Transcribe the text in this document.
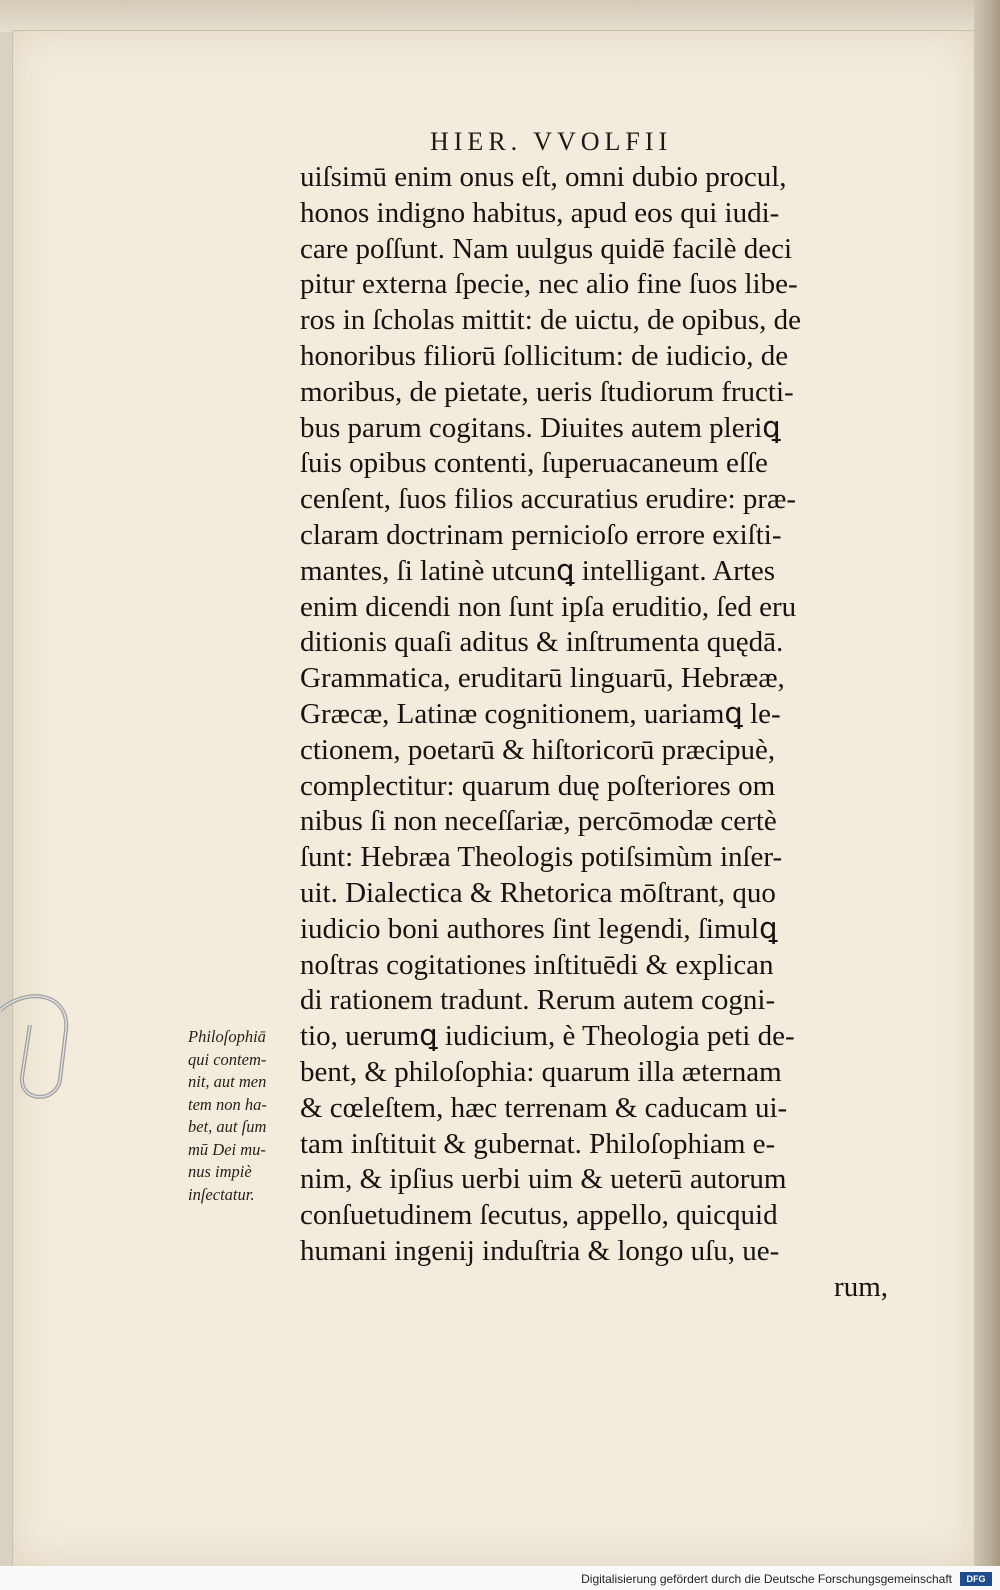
HIER. VVOLFII
uiſsimū enim onus eſt, omni dubio procul,
honos indigno habitus, apud eos qui iudi-
care poſſunt. Nam uulgus quidē facilè deci
pitur externa ſpecie, nec alio fine ſuos libe-
ros in ſcholas mittit: de uictu, de opibus, de
honoribus filiorū ſollicitum: de iudicio, de
moribus, de pietate, ueris ſtudiorum fructi-
bus parum cogitans. Diuites autem pleriꝗ
ſuis opibus contenti, ſuperuacaneum eſſe
cenſent, ſuos filios accuratius erudire: præ-
claram doctrinam pernicioſo errore exiſti-
mantes, ſi latinè utcunꝗ intelligant. Artes
enim dicendi non ſunt ipſa eruditio, ſed eru
ditionis quaſi aditus & inſtrumenta quędā.
Grammatica, eruditarū linguarū, Hebrææ,
Græcæ, Latinæ cognitionem, uariamꝗ le-
ctionem, poetarū & hiſtoricorū præcipuè,
complectitur: quarum duę poſteriores om
nibus ſi non neceſſariæ, percōmodæ certè
ſunt: Hebræa Theologis potiſsimùm inſer-
uit. Dialectica & Rhetorica mōſtrant, quo
iudicio boni authores ſint legendi, ſimulꝗ
noſtras cogitationes inſtituēdi & explican
di rationem tradunt. Rerum autem cogni-
tio, uerumꝗ iudicium, è Theologia peti de-
bent, & philoſophia: quarum illa æternam
& cœleſtem, hæc terrenam & caducam ui-
tam inſtituit & gubernat. Philoſophiam e-
nim, & ipſius uerbi uim & ueterū autorum
conſuetudinem ſecutus, appello, quicquid
humani ingenij induſtria & longo uſu, ue-
rum,
Philoſophiā
qui contem-
nit, aut men
tem non ha-
bet, aut ſum
mū Dei mu-
nus impiè
inſectatur.
Digitalisierung gefördert durch die Deutsche Forschungsgemeinschaft	DFG
